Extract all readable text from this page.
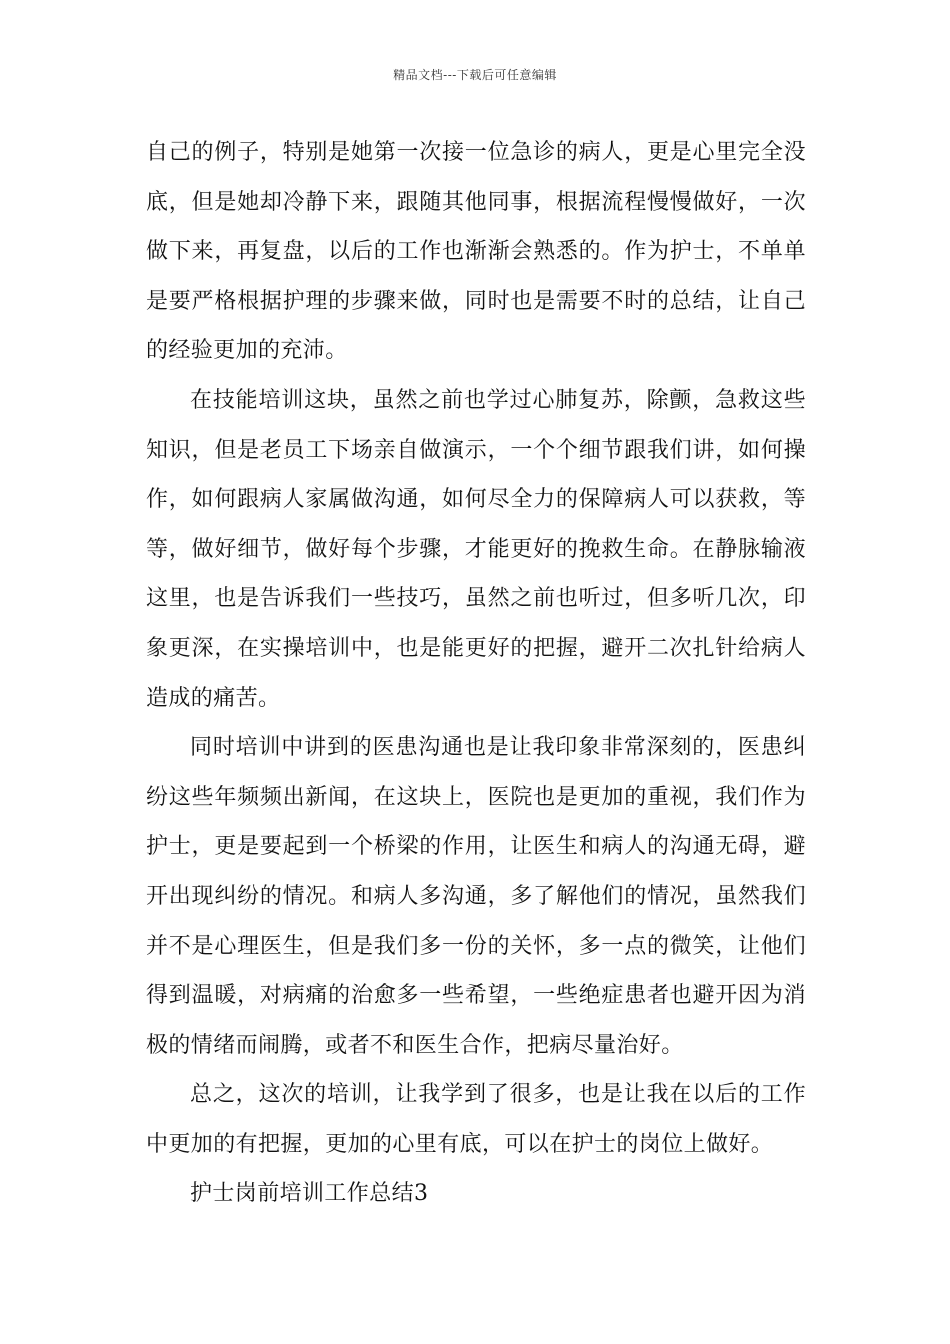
精品文档---下载后可任意编辑

自己的例子，特别是她第一次接一位急诊的病人，更是心里完全没底，但是她却冷静下来，跟随其他同事，根据流程慢慢做好，一次做下来，再复盘，以后的工作也渐渐会熟悉的。作为护士，不单单是要严格根据护理的步骤来做，同时也是需要不时的总结，让自己的经验更加的充沛。

在技能培训这块，虽然之前也学过心肺复苏，除颤，急救这些知识，但是老员工下场亲自做演示，一个个细节跟我们讲，如何操作，如何跟病人家属做沟通，如何尽全力的保障病人可以获救，等等，做好细节，做好每个步骤，才能更好的挽救生命。在静脉输液这里，也是告诉我们一些技巧，虽然之前也听过，但多听几次，印象更深，在实操培训中，也是能更好的把握，避开二次扎针给病人造成的痛苦。

同时培训中讲到的医患沟通也是让我印象非常深刻的，医患纠纷这些年频频出新闻，在这块上，医院也是更加的重视，我们作为护士，更是要起到一个桥梁的作用，让医生和病人的沟通无碍，避开出现纠纷的情况。和病人多沟通，多了解他们的情况，虽然我们并不是心理医生，但是我们多一份的关怀，多一点的微笑，让他们得到温暖，对病痛的治愈多一些希望，一些绝症患者也避开因为消极的情绪而闹腾，或者不和医生合作，把病尽量治好。

总之，这次的培训，让我学到了很多，也是让我在以后的工作中更加的有把握，更加的心里有底，可以在护士的岗位上做好。

护士岗前培训工作总结3
